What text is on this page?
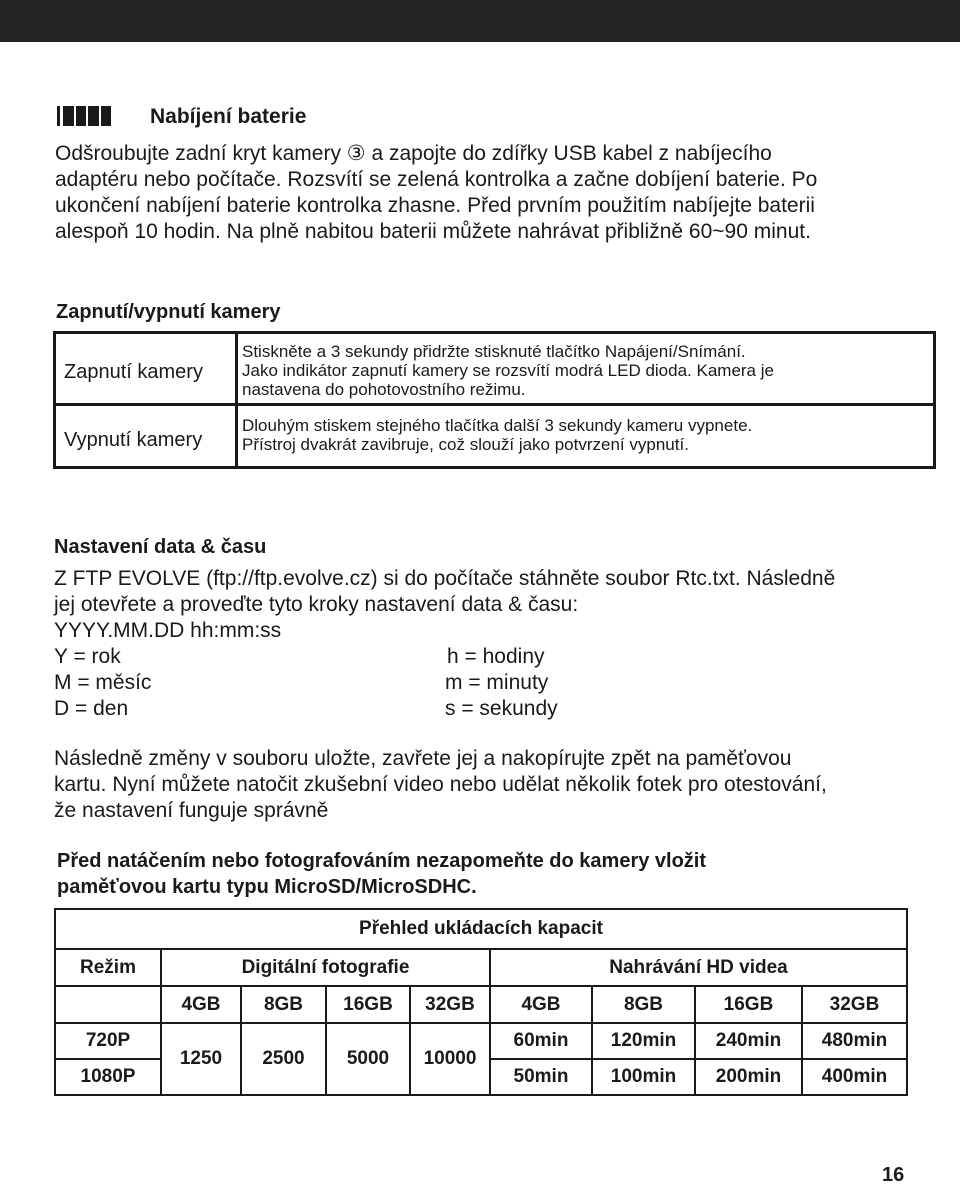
Nabíjení baterie
Odšroubujte zadní kryt kamery ③ a zapojte do zdířky USB kabel z nabíjecího
adaptéru nebo počítače. Rozsvítí se zelená kontrolka a začne dobíjení baterie. Po
ukončení nabíjení baterie kontrolka zhasne. Před prvním použitím nabíjejte baterii
alespoň 10 hodin. Na plně nabitou baterii můžete nahrávat přibližně 60~90 minut.
Zapnutí/vypnutí kamery
Zapnutí kamery
Stiskněte a 3 sekundy přidržte stisknuté tlačítko Napájení/Snímání.
Jako indikátor zapnutí kamery se rozsvítí modrá LED dioda. Kamera je
nastavena do pohotovostního režimu.
Vypnutí kamery
Dlouhým stiskem stejného tlačítka další 3 sekundy kameru vypnete.
Přístroj dvakrát zavibruje, což slouží jako potvrzení vypnutí.
Nastavení data & času
Z FTP EVOLVE (ftp://ftp.evolve.cz) si do počítače stáhněte soubor Rtc.txt. Následně
jej otevřete a proveďte tyto kroky nastavení data & času:
YYYY.MM.DD hh:mm:ss
Y = rok
M = měsíc
D = den
h = hodiny
m = minuty
s = sekundy
Následně změny v souboru uložte, zavřete jej a nakopírujte zpět na paměťovou
kartu. Nyní můžete natočit zkušební video nebo udělat několik fotek pro otestování,
že nastavení funguje správně
Před natáčením nebo fotografováním nezapomeňte do kamery vložit
paměťovou kartu typu MicroSD/MicroSDHC.
Přehled ukládacích kapacit								
Režim	Digitální fotografie				Nahrávání HD videa			
	4GB	8GB	16GB	32GB	4GB	8GB	16GB	32GB
720P	1250	2500	5000	10000	60min	120min	240min	480min
1080P					50min	100min	200min	400min
16
